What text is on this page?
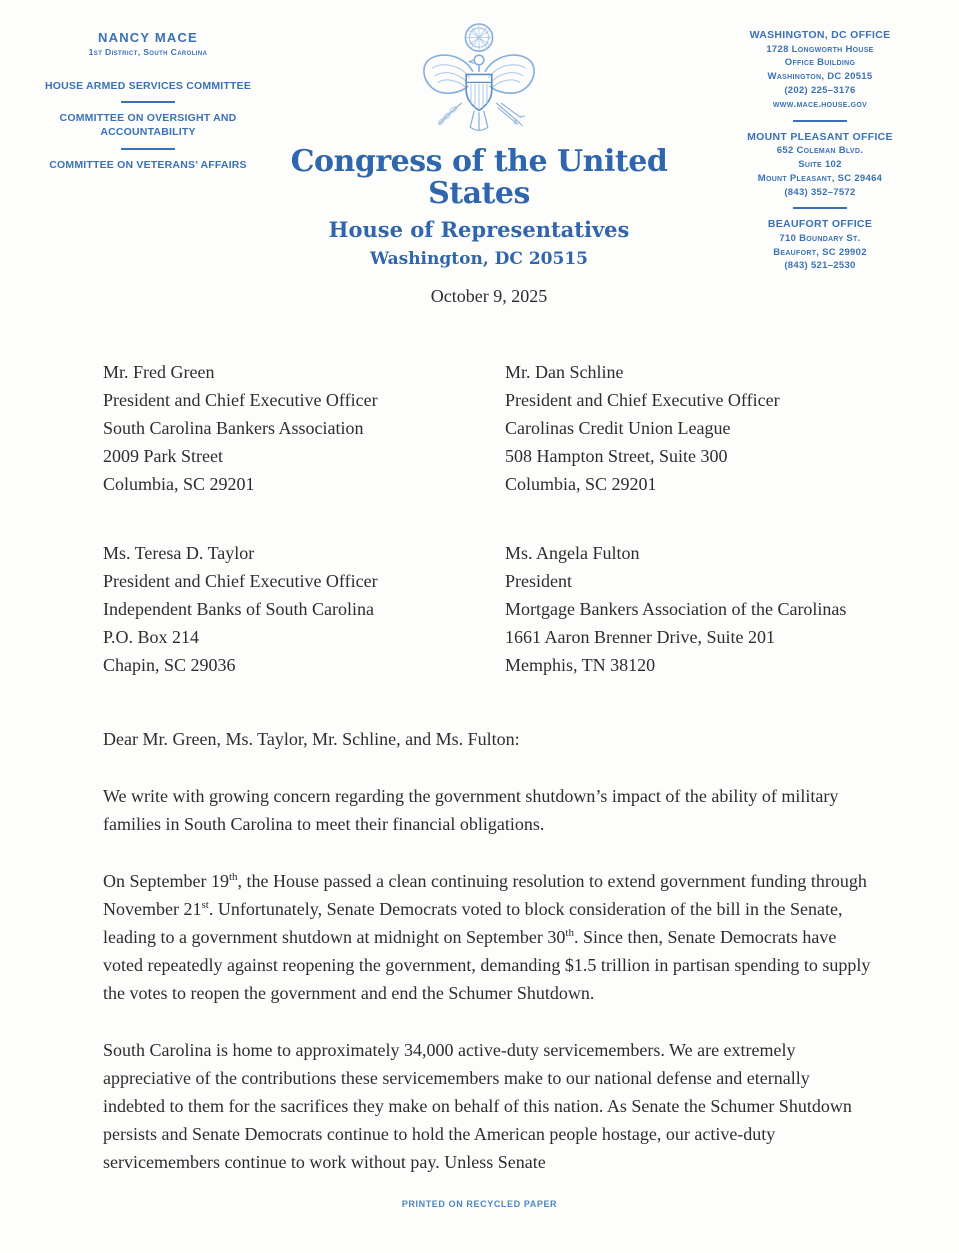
NANCY MACE
1st District, South Carolina
HOUSE ARMED SERVICES COMMITTEE
COMMITTEE ON OVERSIGHT AND ACCOUNTABILITY
COMMITTEE ON VETERANS’ AFFAIRS	Congress of the United States
House of Representatives
Washington, DC 20515
WASHINGTON, DC OFFICE
1728 Longworth House
Office Building
Washington, DC 20515
(202) 225–3176
www.mace.house.gov
MOUNT PLEASANT OFFICE
652 Coleman Blvd.
Suite 102
Mount Pleasant, SC 29464
(843) 352–7572
BEAUFORT OFFICE
710 Boundary St.
Beaufort, SC 29902
(843) 521–2530
October 9, 2025
Mr. Fred Green
President and Chief Executive Officer
South Carolina Bankers Association
2009 Park Street
Columbia, SC 29201
Mr. Dan Schline
President and Chief Executive Officer
Carolinas Credit Union League
508 Hampton Street, Suite 300
Columbia, SC 29201
Ms. Teresa D. Taylor
President and Chief Executive Officer
Independent Banks of South Carolina
P.O. Box 214
Chapin, SC 29036
Ms. Angela Fulton
President
Mortgage Bankers Association of the Carolinas
1661 Aaron Brenner Drive, Suite 201
Memphis, TN 38120
Dear Mr. Green, Ms. Taylor, Mr. Schline, and Ms. Fulton:

We write with growing concern regarding the government shutdown’s impact of the ability of military families in South Carolina to meet their financial obligations.

On September 19th, the House passed a clean continuing resolution to extend government funding through November 21st. Unfortunately, Senate Democrats voted to block consideration of the bill in the Senate, leading to a government shutdown at midnight on September 30th. Since then, Senate Democrats have voted repeatedly against reopening the government, demanding $1.5 trillion in partisan spending to supply the votes to reopen the government and end the Schumer Shutdown.

South Carolina is home to approximately 34,000 active-duty servicemembers. We are extremely appreciative of the contributions these servicemembers make to our national defense and eternally indebted to them for the sacrifices they make on behalf of this nation. As Senate the Schumer Shutdown persists and Senate Democrats continue to hold the American people hostage, our active-duty servicemembers continue to work without pay. Unless Senate

PRINTED ON RECYCLED PAPER
